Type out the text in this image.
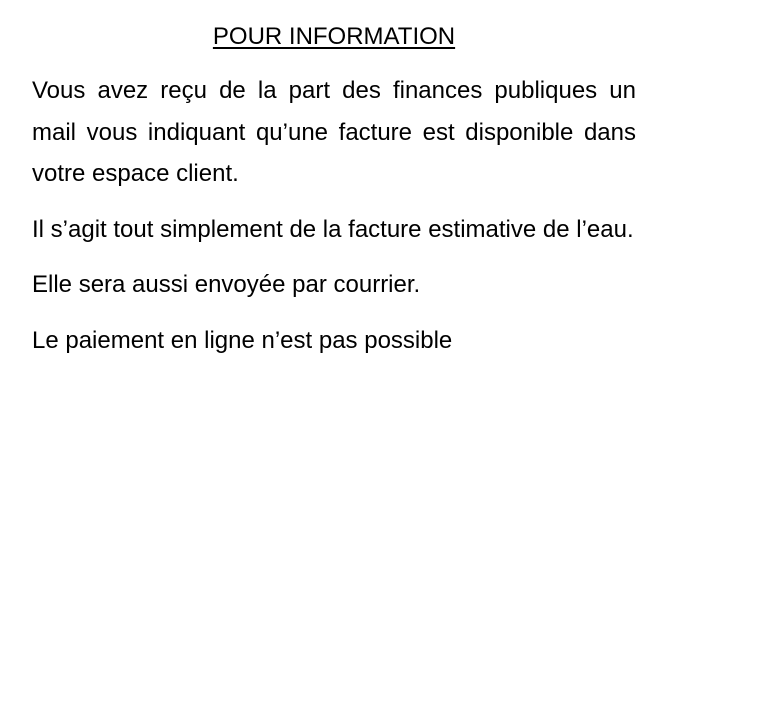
POUR INFORMATION

Vous avez reçu de la part des finances publiques un mail vous indiquant qu’une facture est disponible dans votre espace client.

Il s’agit tout simplement de la facture estimative de l’eau.

Elle sera aussi envoyée par courrier.

Le paiement en ligne n’est pas possible
